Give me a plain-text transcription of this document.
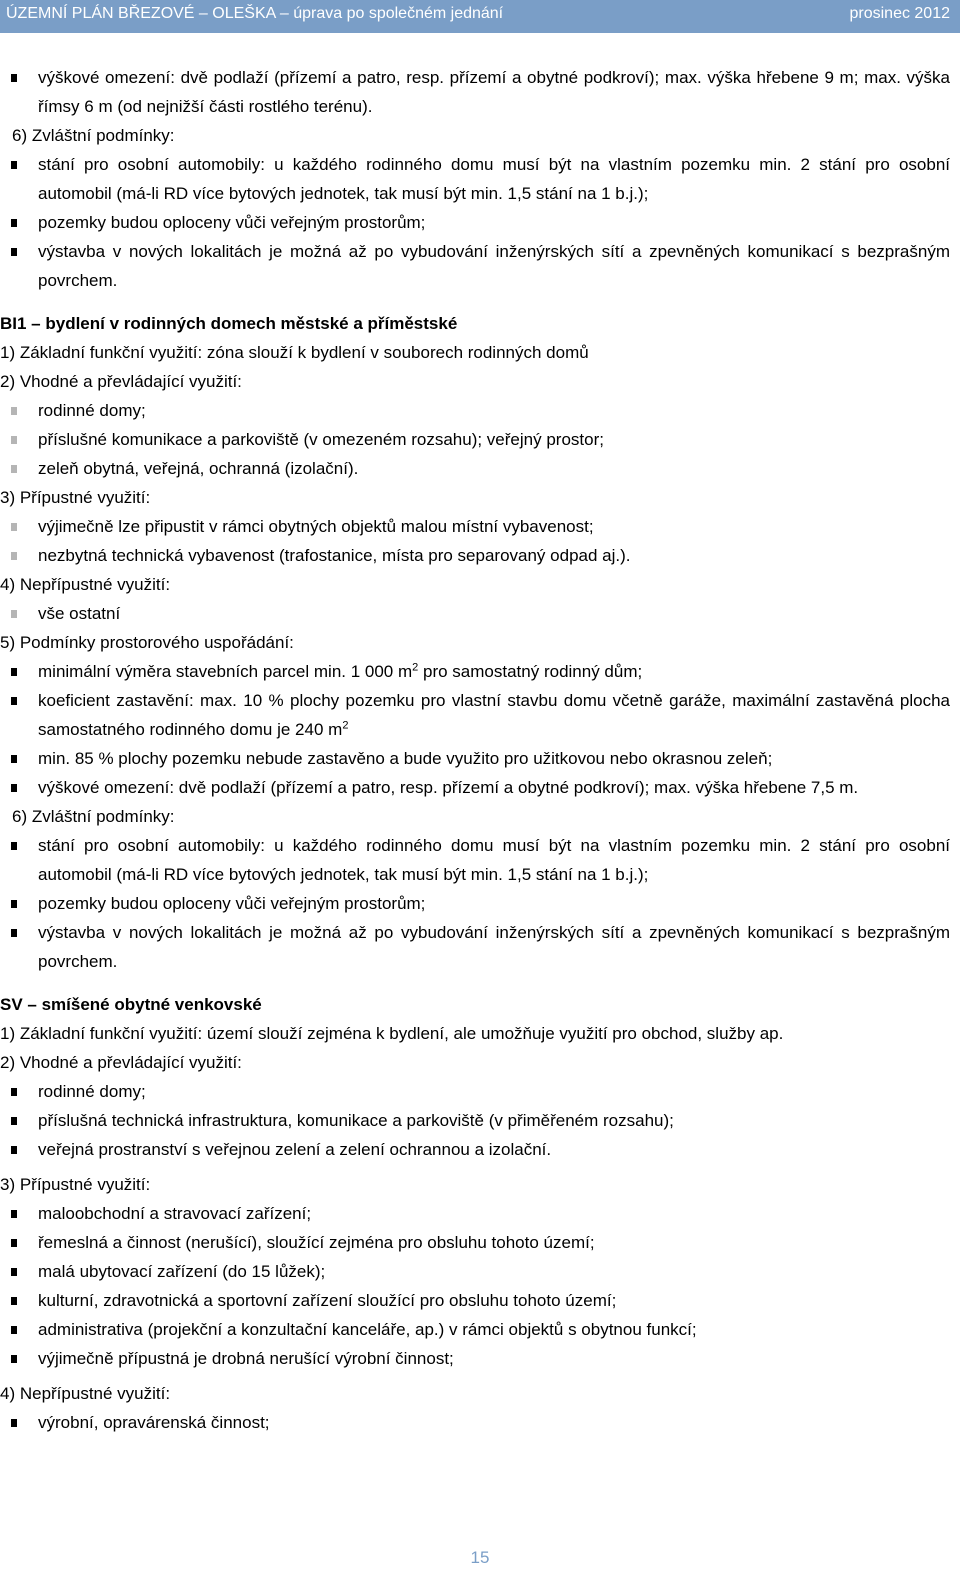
ÚZEMNÍ PLÁN BŘEZOVÉ – OLEŠKA – úprava po společném jednání	prosinec 2012
výškové omezení: dvě podlaží (přízemí a patro, resp. přízemí a obytné podkroví); max. výška hřebene 9 m; max. výška římsy 6 m (od nejnižší části rostlého terénu).
6) Zvláštní podmínky:
stání pro osobní automobily: u každého rodinného domu musí být na vlastním pozemku min. 2 stání pro osobní automobil (má-li RD více bytových jednotek, tak musí být min. 1,5 stání na 1 b.j.);
pozemky budou oploceny vůči veřejným prostorům;
výstavba v nových lokalitách je možná až po vybudování inženýrských sítí a zpevněných komunikací s bezprašným povrchem.
BI1 – bydlení v rodinných domech městské a příměstské
1) Základní funkční využití: zóna slouží k bydlení v souborech rodinných domů
2) Vhodné a převládající využití:
rodinné domy;
příslušné komunikace a parkoviště (v omezeném rozsahu); veřejný prostor;
zeleň obytná, veřejná, ochranná (izolační).
3) Přípustné využití:
výjimečně lze připustit v rámci obytných objektů malou místní vybavenost;
nezbytná technická vybavenost (trafostanice, místa pro separovaný odpad aj.).
4) Nepřípustné využití:
vše ostatní
5) Podmínky prostorového uspořádání:
minimální výměra stavebních parcel min. 1 000 $m^2$ pro samostatný rodinný dům;
koeficient zastavění: max. 10 % plochy pozemku pro vlastní stavbu domu včetně garáže, maximální zastavěná plocha samostatného rodinného domu je 240 $m^2$
min. 85 % plochy pozemku nebude zastavěno a bude využito pro užitkovou nebo okrasnou zeleň;
výškové omezení: dvě podlaží (přízemí a patro, resp. přízemí a obytné podkroví); max. výška hřebene 7,5 m.
6) Zvláštní podmínky:
stání pro osobní automobily: u každého rodinného domu musí být na vlastním pozemku min. 2 stání pro osobní automobil (má-li RD více bytových jednotek, tak musí být min. 1,5 stání na 1 b.j.);
pozemky budou oploceny vůči veřejným prostorům;
výstavba v nových lokalitách je možná až po vybudování inženýrských sítí a zpevněných komunikací s bezprašným povrchem.
SV – smíšené obytné venkovské
1) Základní funkční využití: území slouží zejména k bydlení, ale umožňuje využití pro obchod, služby ap.
2) Vhodné a převládající využití:
rodinné domy;
příslušná technická infrastruktura, komunikace a parkoviště (v přiměřeném rozsahu);
veřejná prostranství s veřejnou zelení a zelení ochrannou a izolační.
3) Přípustné využití:
maloobchodní a stravovací zařízení;
řemeslná a činnost (nerušící), sloužící zejména pro obsluhu tohoto území;
malá ubytovací zařízení (do 15 lůžek);
kulturní, zdravotnická a sportovní zařízení sloužící pro obsluhu tohoto území;
administrativa (projekční a konzultační kanceláře, ap.) v rámci objektů s obytnou funkcí;
výjimečně přípustná je drobná nerušící výrobní činnost;
4) Nepřípustné využití:
výrobní, opravárenská činnost;
15
